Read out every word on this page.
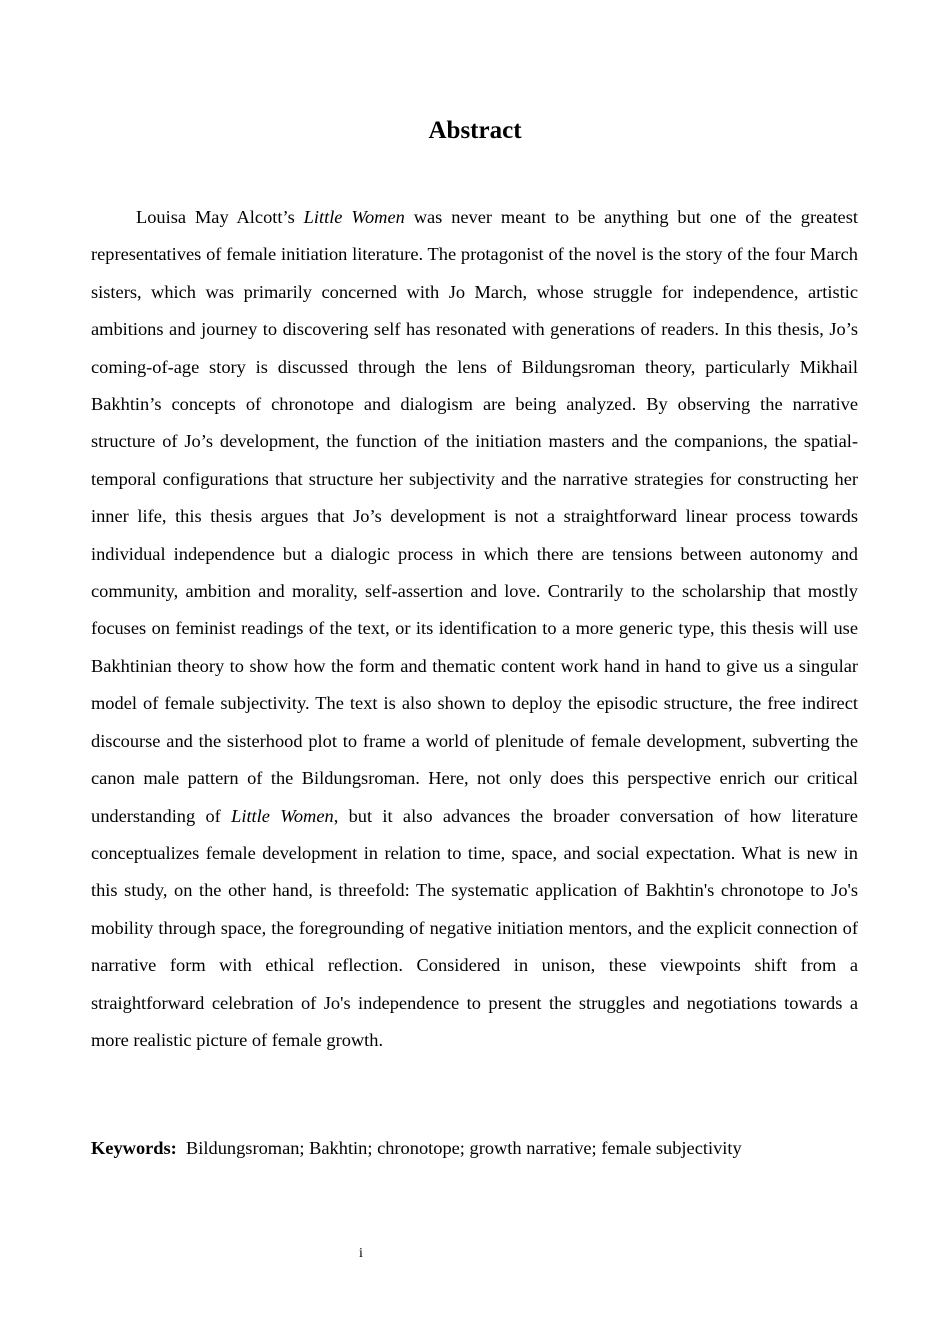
Abstract

Louisa May Alcott’s Little Women was never meant to be anything but one of the greatest representatives of female initiation literature. The protagonist of the novel is the story of the four March sisters, which was primarily concerned with Jo March, whose struggle for independence, artistic ambitions and journey to discovering self has resonated with generations of readers. In this thesis, Jo’s coming-of-age story is discussed through the lens of Bildungsroman theory, particularly Mikhail Bakhtin’s concepts of chronotope and dialogism are being analyzed. By observing the narrative structure of Jo’s development, the function of the initiation masters and the companions, the spatial-temporal configurations that structure her subjectivity and the narrative strategies for constructing her inner life, this thesis argues that Jo’s development is not a straightforward linear process towards individual independence but a dialogic process in which there are tensions between autonomy and community, ambition and morality, self-assertion and love. Contrarily to the scholarship that mostly focuses on feminist readings of the text, or its identification to a more generic type, this thesis will use Bakhtinian theory to show how the form and thematic content work hand in hand to give us a singular model of female subjectivity. The text is also shown to deploy the episodic structure, the free indirect discourse and the sisterhood plot to frame a world of plenitude of female development, subverting the canon male pattern of the Bildungsroman. Here, not only does this perspective enrich our critical understanding of Little Women, but it also advances the broader conversation of how literature conceptualizes female development in relation to time, space, and social expectation. What is new in this study, on the other hand, is threefold: The systematic application of Bakhtin's chronotope to Jo's mobility through space, the foregrounding of negative initiation mentors, and the explicit connection of narrative form with ethical reflection. Considered in unison, these viewpoints shift from a straightforward celebration of Jo's independence to present the struggles and negotiations towards a more realistic picture of female growth.

Keywords: Bildungsroman; Bakhtin; chronotope; growth narrative; female subjectivity

i
